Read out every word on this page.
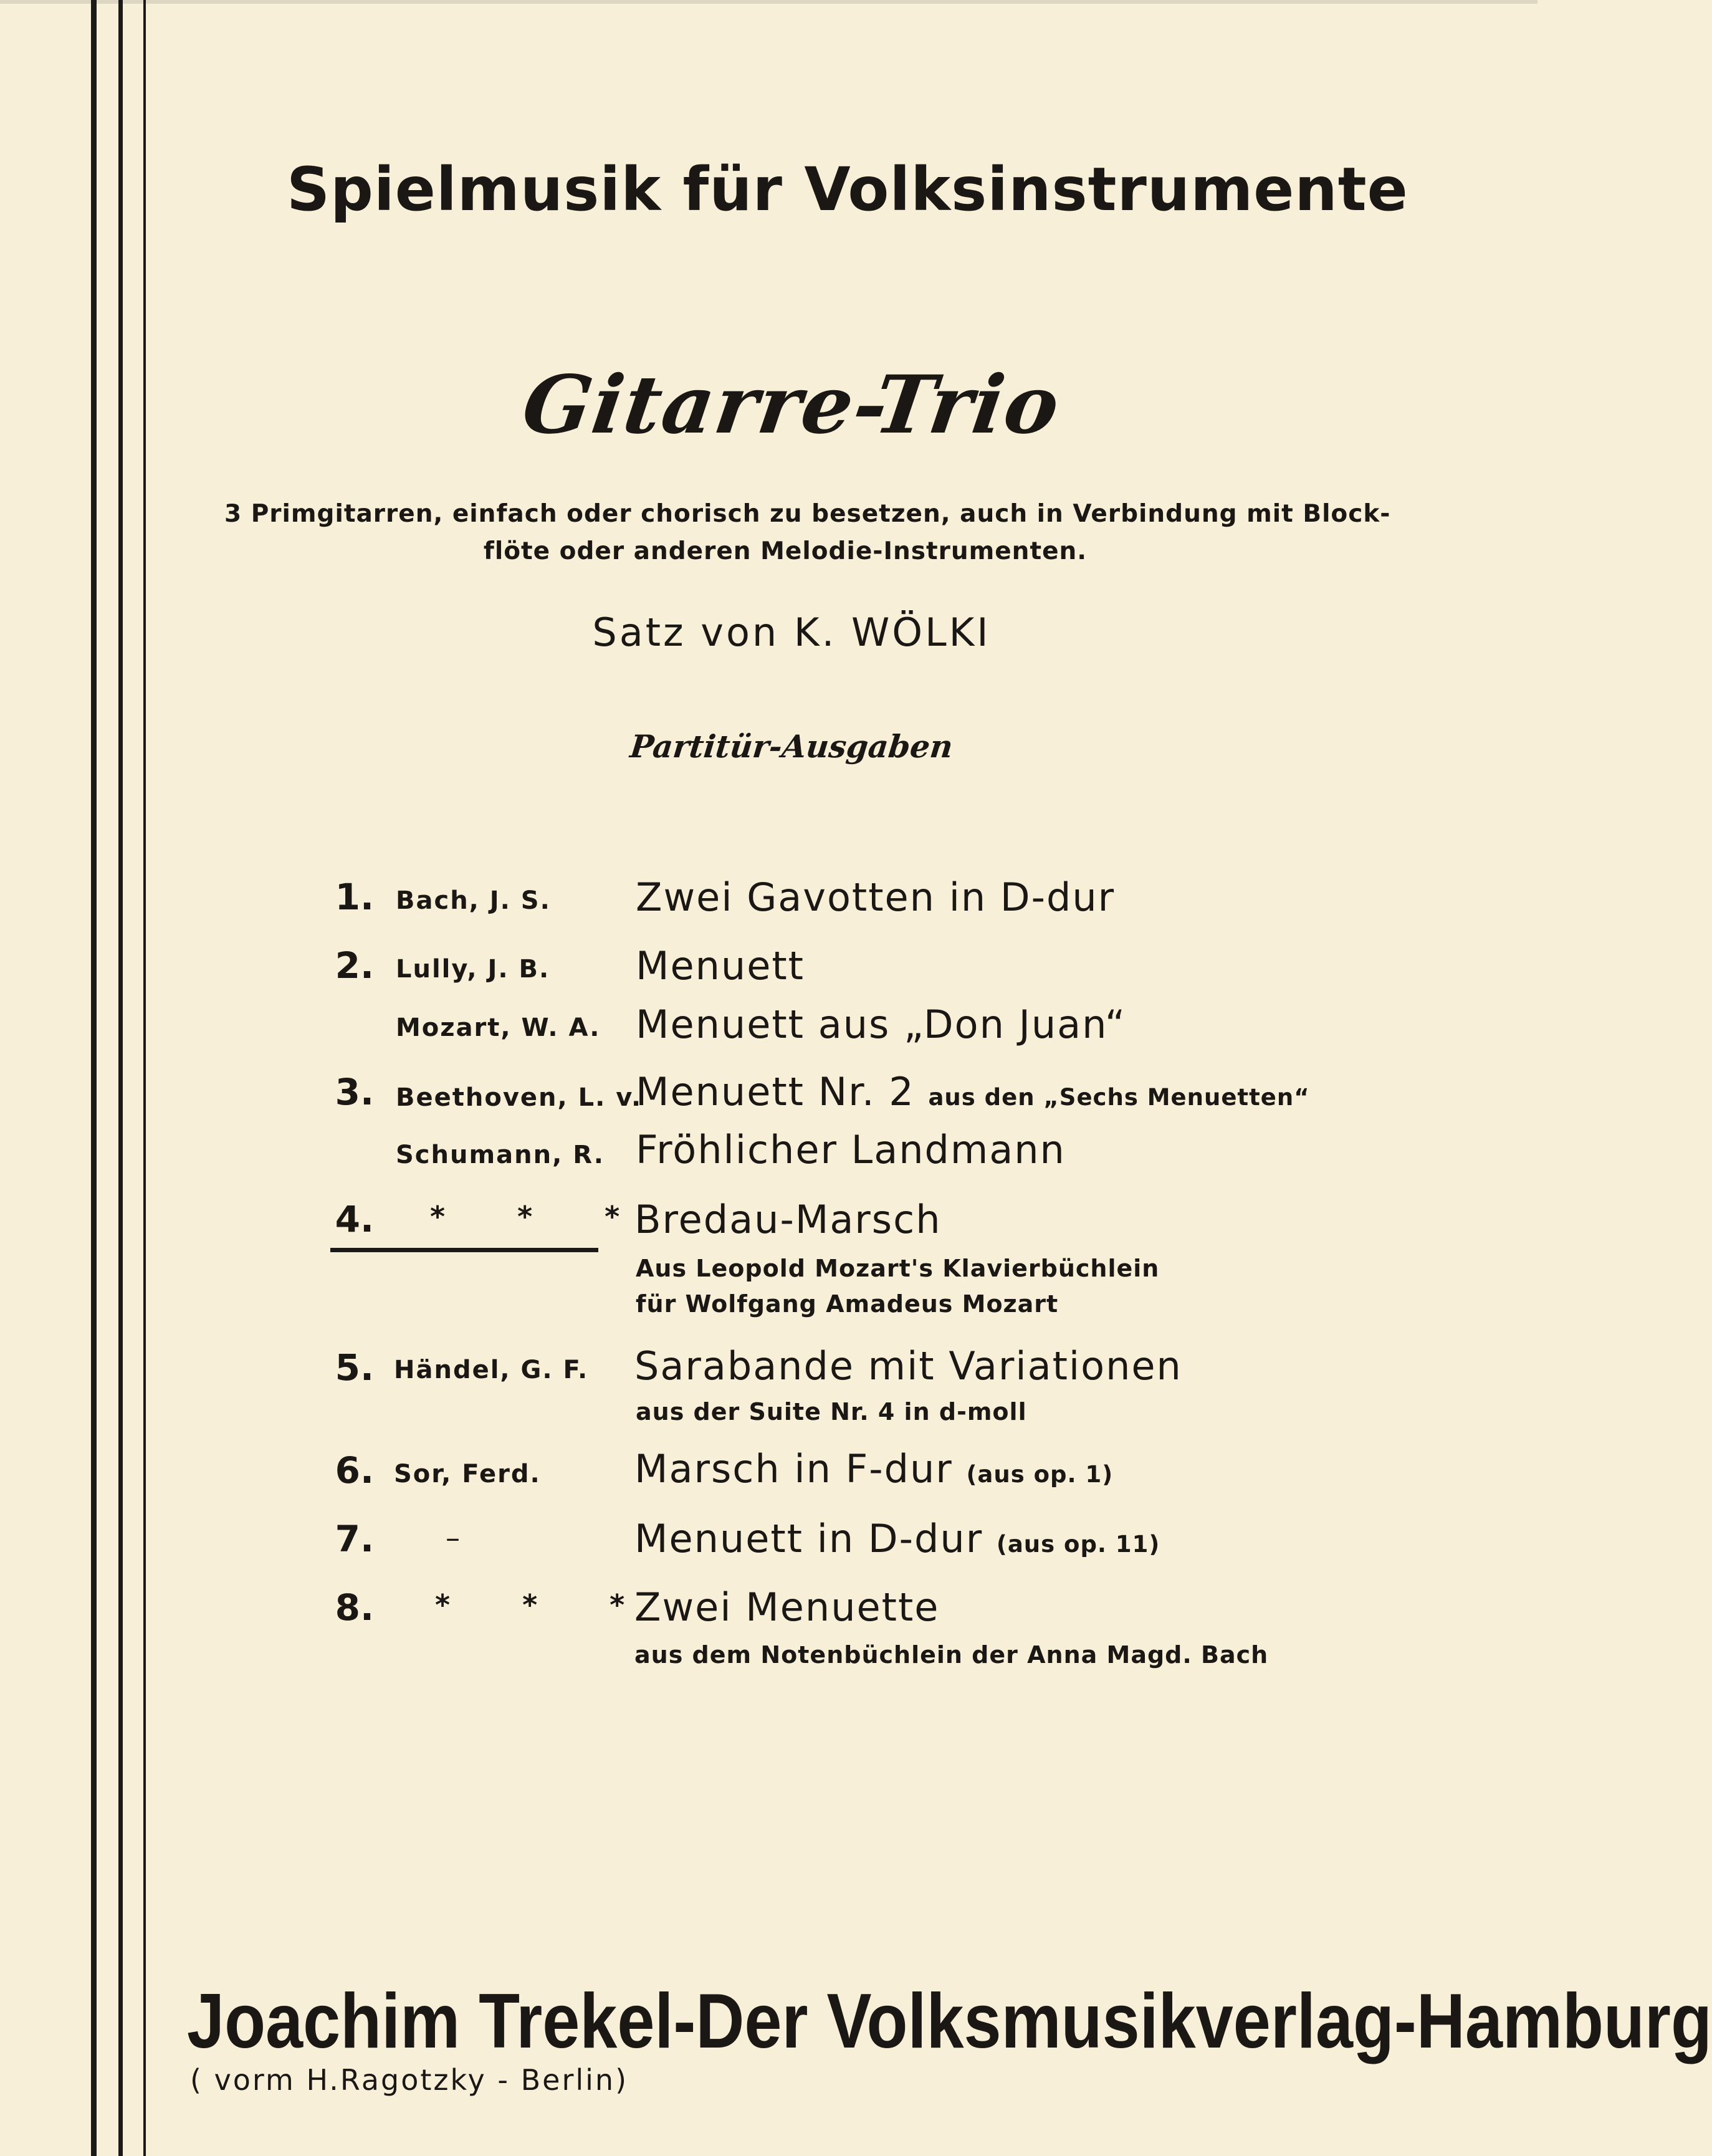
Spielmusik für Volksinstrumente
Gitarre-Trio
3 Primgitarren, einfach oder chorisch zu besetzen, auch in Verbindung mit Block-
flöte oder anderen Melodie-Instrumenten.
Satz von K. WÖLKI
Partitür-Ausgaben
1. Bach, J. S. Zwei Gavotten in D-dur
2. Lully, J. B. Menuett
Mozart, W. A. Menuett aus „Don Juan“
3. Beethoven, L. v.
Menuett Nr. 2 aus den „Sechs Menuetten“
Schumann, R. Fröhlicher Landmann
4. * * *
Bredau-Marsch
Aus Leopold Mozart's Klavierbüchlein
für Wolfgang Amadeus Mozart
5. Händel, G. F. Sarabande mit Variationen
aus der Suite Nr. 4 in d-moll
6. Sor, Ferd. Marsch in F-dur (aus op. 1)
7.	–	Menuett in D-dur (aus op. 11)
8. * * *
Zwei Menuette
aus dem Notenbüchlein der Anna Magd. Bach
Joachim Trekel-Der Volksmusikverlag-Hamburg
( vorm H.Ragotzky - Berlin)
